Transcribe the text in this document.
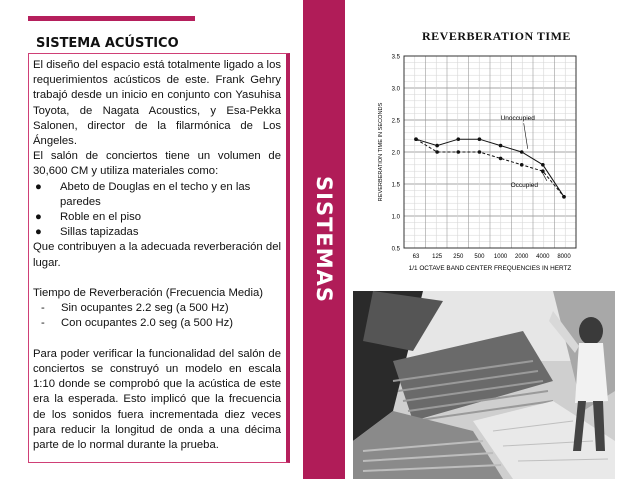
SISTEMA ACÚSTICO

El diseño del espacio está totalmente ligado a los requerimientos acústicos de este. Frank Gehry trabajó desde un inicio en conjunto con Yasuhisa Toyota, de Nagata Acoustics, y Esa-Pekka Salonen, director de la filarmónica de Los Ángeles.

El salón de conciertos tiene un volumen de 30,600 CM y utiliza materiales como:

● Abeto de Douglas en el techo y en las paredes
● Roble en el piso
● Sillas tapizadas

Que contribuyen a la adecuada reverberación del lugar.

Tiempo de Reverberación (Frecuencia Media)

- Sin ocupantes 2.2 seg (a 500 Hz)
- Con ocupantes 2.0 seg (a 500 Hz)

Para poder verificar la funcionalidad del salón de conciertos se construyó un modelo en escala 1:10 donde se comprobó que la acústica de este era la esperada. Esto implicó que la frecuencia de los sonidos fuera incrementada diez veces para reducir la longitud de onda a una décima parte de lo normal durante la prueba.

SISTEMAS
REVERBERATION TIME
0.5
1.0
1.5
2.0
2.5
3.0
3.5
63 125 250 500 1000 2000 4000 8000
1/1 OCTAVE BAND CENTER FREQUENCIES IN HERTZ
REVERBERATION TIME IN SECONDS	Unoccupied
Occupied
